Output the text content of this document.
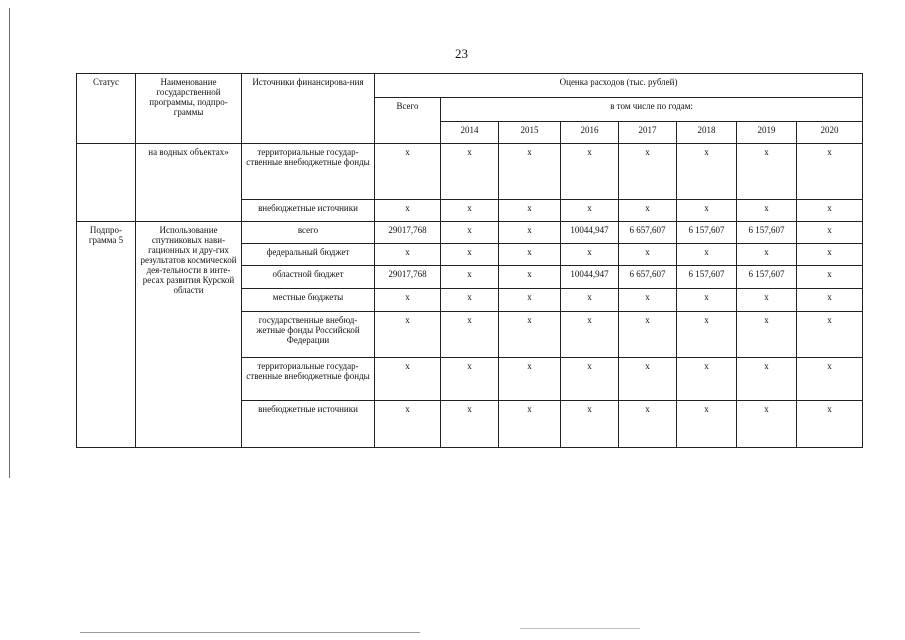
23
Статус	Наименование государственной программы, подпро-граммы	Источники финансирова-ния	Оценка расходов (тыс. рублей)							
			Всего	в том числе по годам:						
				2014	2015	2016	2017	2018	2019	2020
	на водных объектах»	территориальные государ-ственные внебюджетные фонды	x	x	x	x	x	x	x	x
		внебюджетные источники	x	x	x	x	x	x	x	x
Подпро-грамма 5	Использование спутниковых нави-гационных и дру-гих результатов космической дея-тельности в инте-ресах развития Курской области	всего	29017,768	x	x	10044,947	6 657,607	6 157,607	6 157,607	x
		федеральный бюджет	x	x	x	x	x	x	x	x
		областной бюджет	29017,768	x	x	10044,947	6 657,607	6 157,607	6 157,607	x
		местные бюджеты	x	x	x	x	x	x	x	x
		государственные внебюд-жетные фонды Российской Федерации	x	x	x	x	x	x	x	x
		территориальные государ-ственные внебюджетные фонды	x	x	x	x	x	x	x	x
		внебюджетные источники	x	x	x	x	x	x	x	x
